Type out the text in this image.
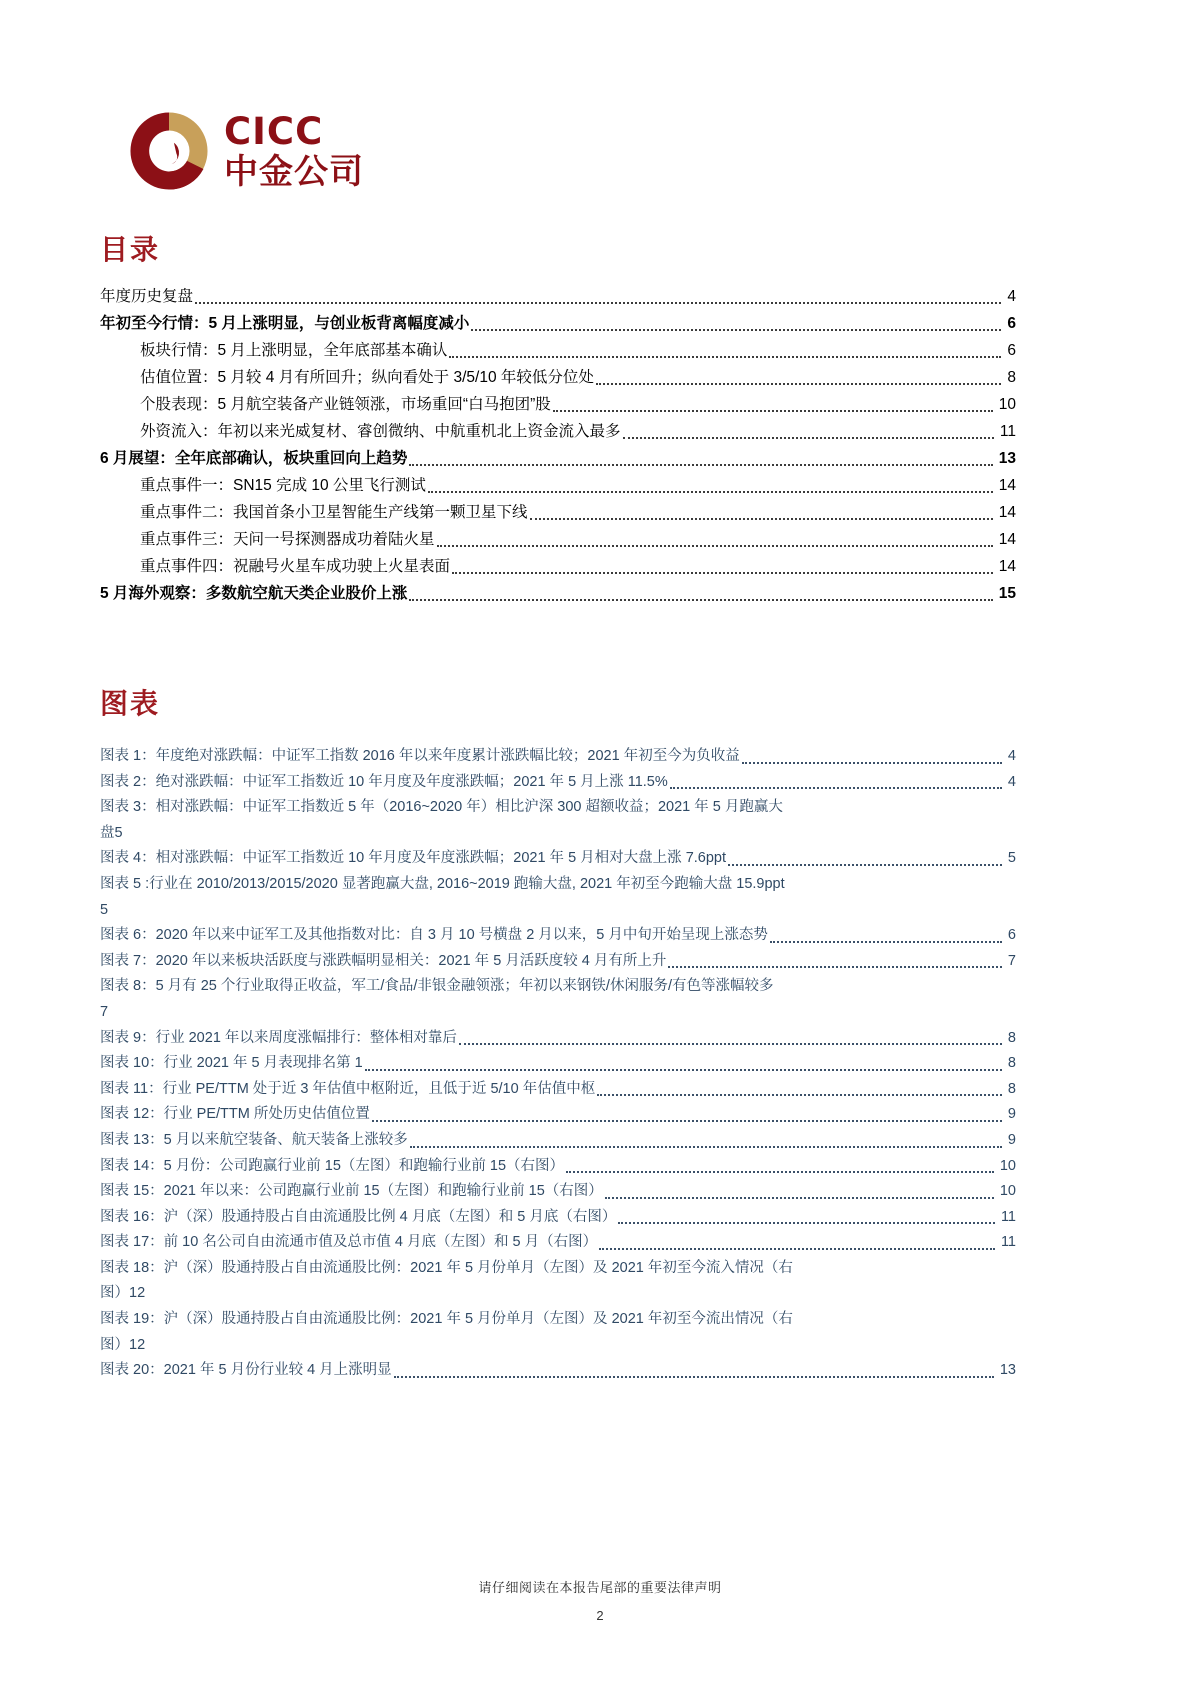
CICC
中金公司
目录
年度历史复盘	4
年初至今行情：5 月上涨明显，与创业板背离幅度减小	6
板块行情：5 月上涨明显，全年底部基本确认	6
估值位置：5 月较 4 月有所回升；纵向看处于 3/5/10 年较低分位处	8
个股表现：5 月航空装备产业链领涨，市场重回“白马抱团”股	10
外资流入：年初以来光威复材、睿创微纳、中航重机北上资金流入最多	11
6 月展望：全年底部确认，板块重回向上趋势	13
重点事件一：SN15 完成 10 公里飞行测试	14
重点事件二：我国首条小卫星智能生产线第一颗卫星下线	14
重点事件三：天问一号探测器成功着陆火星	14
重点事件四：祝融号火星车成功驶上火星表面	14
5 月海外观察：多数航空航天类企业股价上涨	15
图表
图表 1：年度绝对涨跌幅：中证军工指数 2016 年以来年度累计涨跌幅比较；2021 年初至今为负收益	4
图表 2：绝对涨跌幅：中证军工指数近 10 年月度及年度涨跌幅；2021 年 5 月上涨 11.5%	4
图表 3：相对涨跌幅：中证军工指数近 5 年（2016~2020 年）相比沪深 300 超额收益；2021 年 5 月跑赢大
盘 5
图表 4：相对涨跌幅：中证军工指数近 10 年月度及年度涨跌幅；2021 年 5 月相对大盘上涨 7.6ppt	5
图表 5 :行业在 2010/2013/2015/2020 显著跑赢大盘, 2016~2019 跑输大盘, 2021 年初至今跑输大盘 15.9ppt
5
图表 6：2020 年以来中证军工及其他指数对比：自 3 月 10 号横盘 2 月以来，5 月中旬开始呈现上涨态势	6
图表 7：2020 年以来板块活跃度与涨跌幅明显相关：2021 年 5 月活跃度较 4 月有所上升	7
图表 8：5 月有 25 个行业取得正收益，军工/食品/非银金融领涨；年初以来钢铁/休闲服务/有色等涨幅较多
7
图表 9：行业 2021 年以来周度涨幅排行：整体相对靠后	8
图表 10：行业 2021 年 5 月表现排名第 1	8
图表 11：行业 PE/TTM 处于近 3 年估值中枢附近，且低于近 5/10 年估值中枢	8
图表 12：行业 PE/TTM 所处历史估值位置	9
图表 13：5 月以来航空装备、航天装备上涨较多	9
图表 14：5 月份：公司跑赢行业前 15（左图）和跑输行业前 15（右图）	10
图表 15：2021 年以来：公司跑赢行业前 15（左图）和跑输行业前 15（右图）	10
图表 16：沪（深）股通持股占自由流通股比例 4 月底（左图）和 5 月底（右图）	11
图表 17：前 10 名公司自由流通市值及总市值 4 月底（左图）和 5 月（右图）	11
图表 18：沪（深）股通持股占自由流通股比例：2021 年 5 月份单月（左图）及 2021 年初至今流入情况（右
图） 12
图表 19：沪（深）股通持股占自由流通股比例：2021 年 5 月份单月（左图）及 2021 年初至今流出情况（右
图） 12
图表 20：2021 年 5 月份行业较 4 月上涨明显	13
请仔细阅读在本报告尾部的重要法律声明
2
